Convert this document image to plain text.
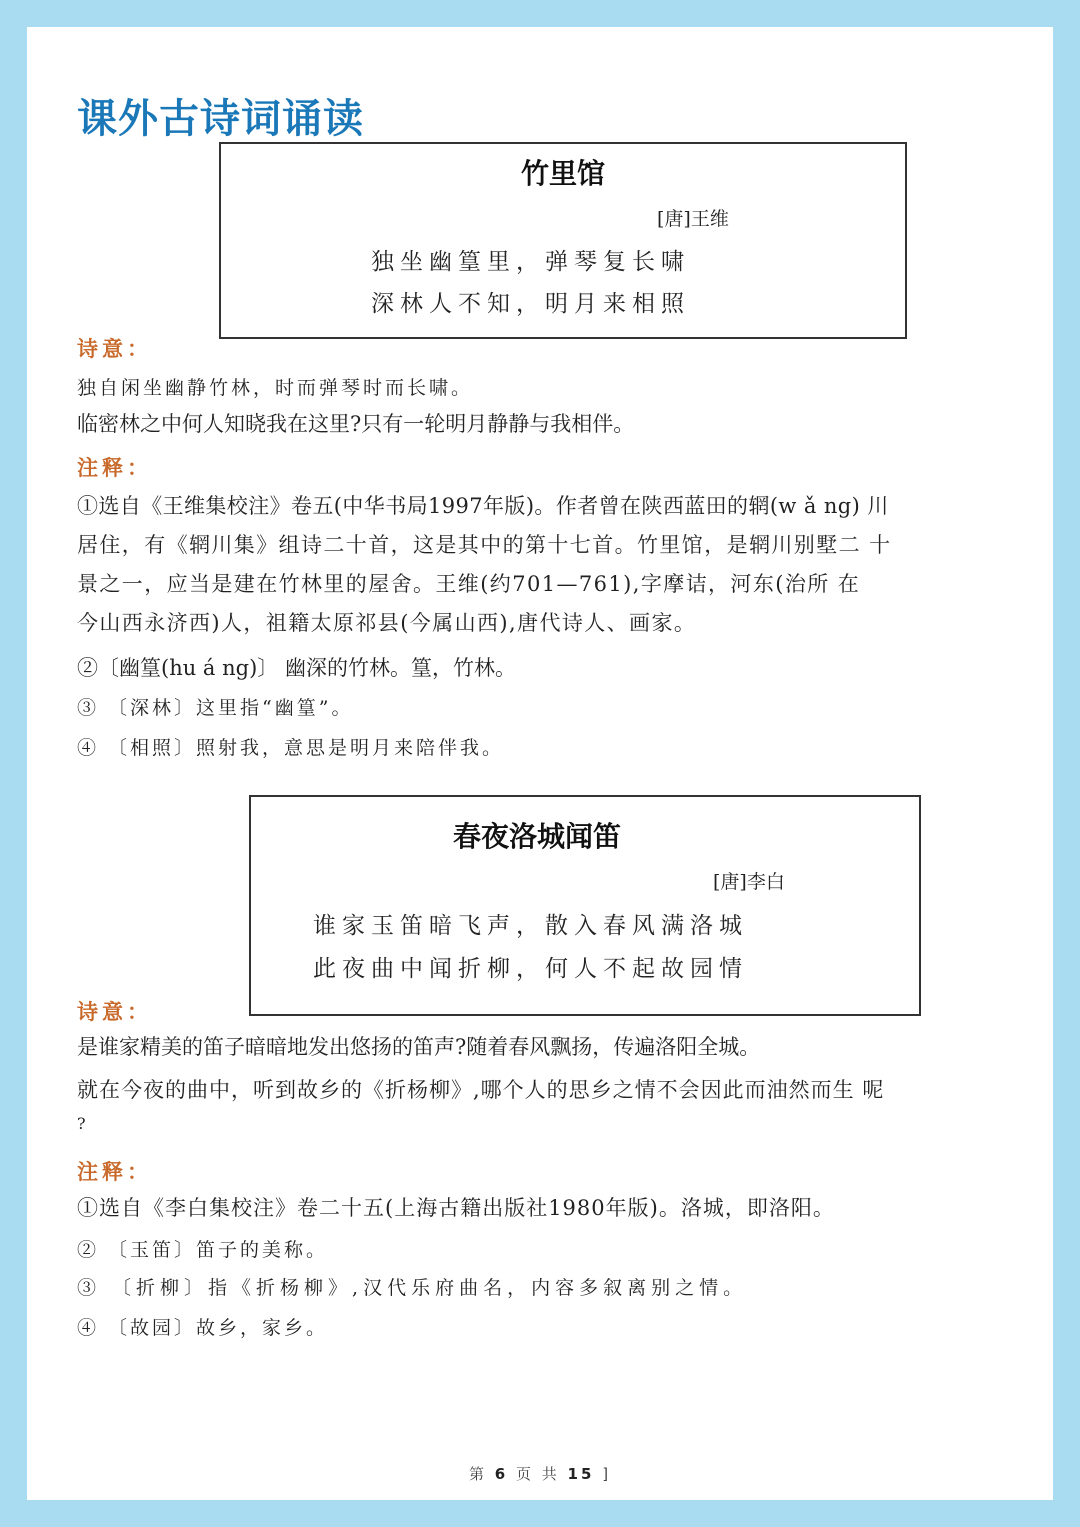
课外古诗词诵读
竹里馆
[唐]王维
独坐幽篁里，弹琴复长啸
深林人不知，明月来相照
诗意：
独自闲坐幽静竹林，时而弹琴时而长啸。
临密林之中何人知晓我在这里?只有一轮明月静静与我相伴。
注释：
①选自《王维集校注》卷五(中华书局1997年版)。作者曾在陕西蓝田的辋(w ǎ ng) 川
居住，有《辋川集》组诗二十首，这是其中的第十七首。竹里馆，是辋川别墅二 十
景之一，应当是建在竹林里的屋舍。王维(约701—761),字摩诘，河东(治所 在
今山西永济西)人，祖籍太原祁县(今属山西),唐代诗人、画家。
②〔幽篁(hu á ng)〕 幽深的竹林。篁，竹林。
③ 〔深林〕这里指“幽篁”。
④ 〔相照〕照射我，意思是明月来陪伴我。
春夜洛城闻笛
[唐]李白
谁家玉笛暗飞声，散入春风满洛城
此夜曲中闻折柳，何人不起故园情
诗意：
是谁家精美的笛子暗暗地发出悠扬的笛声?随着春风飘扬，传遍洛阳全城。
就在今夜的曲中，听到故乡的《折杨柳》,哪个人的思乡之情不会因此而油然而生 呢
?
注释：
①选自《李白集校注》卷二十五(上海古籍出版社1980年版)。洛城，即洛阳。
② 〔玉笛〕笛子的美称。
③ 〔折柳〕指《折杨柳》,汉代乐府曲名，内容多叙离别之情。
④ 〔故园〕故乡，家乡。
第 6 页 共 15 ]
